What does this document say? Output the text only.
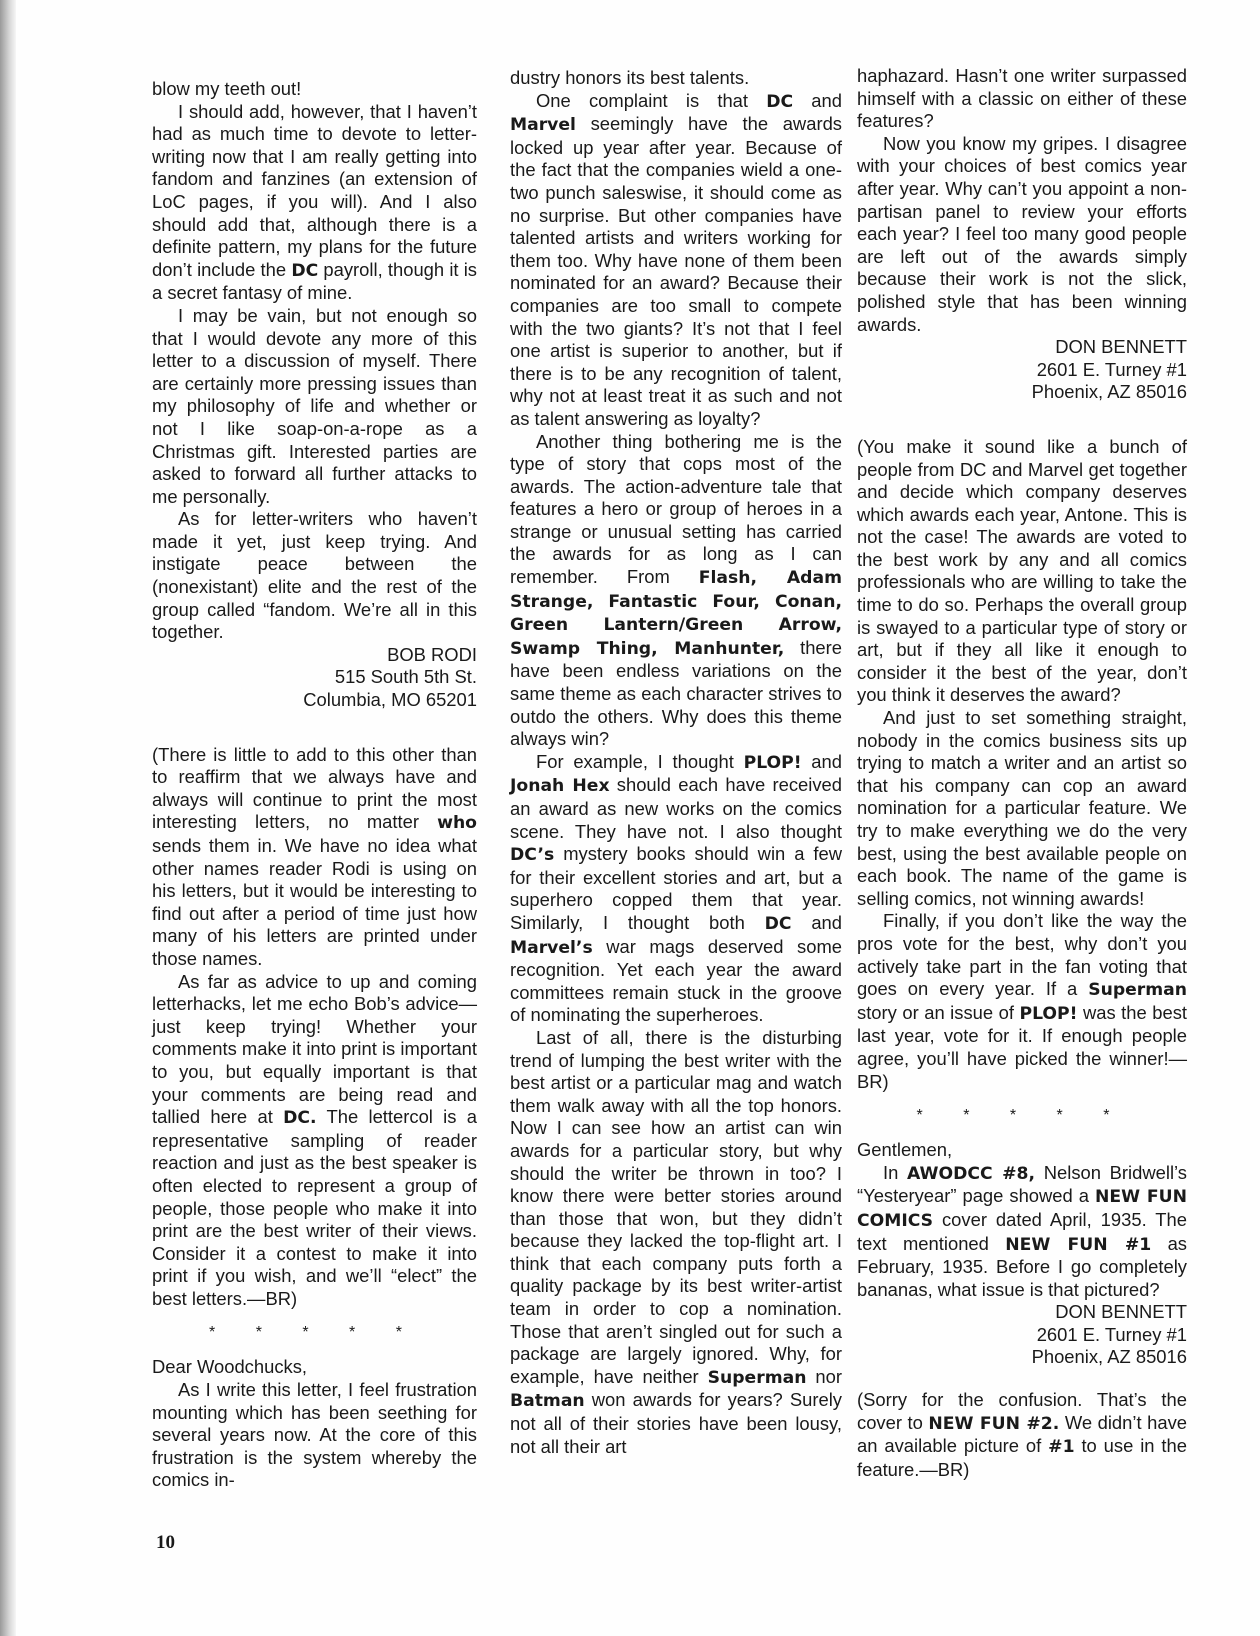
blow my teeth out!

I should add, however, that I haven’t had as much time to devote to letter-writing now that I am really getting into fandom and fanzines (an extension of LoC pages, if you will). And I also should add that, although there is a definite pattern, my plans for the future don’t include the DC payroll, though it is a secret fantasy of mine.

I may be vain, but not enough so that I would devote any more of this letter to a discussion of myself. There are certainly more pressing issues than my philosophy of life and whether or not I like soap-on-a-rope as a Christmas gift. Interested parties are asked to forward all further attacks to me personally.

As for letter-writers who haven’t made it yet, just keep trying. And instigate peace between the (nonexistant) elite and the rest of the group called “fandom. We’re all in this together.

BOB RODI

515 South 5th St.

Columbia, MO 65201

(There is little to add to this other than to reaffirm that we always have and always will continue to print the most interesting letters, no matter who sends them in. We have no idea what other names reader Rodi is using on his letters, but it would be interesting to find out after a period of time just how many of his letters are printed under those names.

As far as advice to up and coming letterhacks, let me echo Bob’s advice—just keep trying! Whether your comments make it into print is important to you, but equally important is that your comments are being read and tallied here at DC. The lettercol is a representative sampling of reader reaction and just as the best speaker is often elected to represent a group of people, those people who make it into print are the best writer of their views. Consider it a contest to make it into print if you wish, and we’ll “elect” the best letters.—BR)

* * * * *

Dear Woodchucks,

As I write this letter, I feel frustration mounting which has been seething for several years now. At the core of this frustration is the system whereby the comics in-

dustry honors its best talents.

One complaint is that DC and Marvel seemingly have the awards locked up year after year. Because of the fact that the companies wield a one-two punch saleswise, it should come as no surprise. But other companies have talented artists and writers working for them too. Why have none of them been nominated for an award? Because their companies are too small to compete with the two giants? It’s not that I feel one artist is superior to another, but if there is to be any recognition of talent, why not at least treat it as such and not as talent answering as loyalty?

Another thing bothering me is the type of story that cops most of the awards. The action-adventure tale that features a hero or group of heroes in a strange or unusual setting has carried the awards for as long as I can remember. From Flash, Adam Strange, Fantastic Four, Conan, Green Lantern/Green Arrow, Swamp Thing, Manhunter, there have been endless variations on the same theme as each character strives to outdo the others. Why does this theme always win?

For example, I thought PLOP! and Jonah Hex should each have received an award as new works on the comics scene. They have not. I also thought DC’s mystery books should win a few for their excellent stories and art, but a superhero copped them that year. Similarly, I thought both DC and Marvel’s war mags deserved some recognition. Yet each year the award committees remain stuck in the groove of nominating the superheroes.

Last of all, there is the disturbing trend of lumping the best writer with the best artist or a particular mag and watch them walk away with all the top honors. Now I can see how an artist can win awards for a particular story, but why should the writer be thrown in too? I know there were better stories around than those that won, but they didn’t because they lacked the top-flight art. I think that each company puts forth a quality package by its best writer-artist team in order to cop a nomination. Those that aren’t singled out for such a package are largely ignored. Why, for example, have neither Superman nor Batman won awards for years? Surely not all of their stories have been lousy, not all their art

haphazard. Hasn’t one writer surpassed himself with a classic on either of these features?

Now you know my gripes. I disagree with your choices of best comics year after year. Why can’t you appoint a non-partisan panel to review your efforts each year? I feel too many good people are left out of the awards simply because their work is not the slick, polished style that has been winning awards.

DON BENNETT

2601 E. Turney #1

Phoenix, AZ 85016

(You make it sound like a bunch of people from DC and Marvel get together and decide which company deserves which awards each year, Antone. This is not the case! The awards are voted to the best work by any and all comics professionals who are willing to take the time to do so. Perhaps the overall group is swayed to a particular type of story or art, but if they all like it enough to consider it the best of the year, don’t you think it deserves the award?

And just to set something straight, nobody in the comics business sits up trying to match a writer and an artist so that his company can cop an award nomination for a particular feature. We try to make everything we do the very best, using the best available people on each book. The name of the game is selling comics, not winning awards!

Finally, if you don’t like the way the pros vote for the best, why don’t you actively take part in the fan voting that goes on every year. If a Superman story or an issue of PLOP! was the best last year, vote for it. If enough people agree, you’ll have picked the winner!—BR)

* * * * *

Gentlemen,

In AWODCC #8, Nelson Bridwell’s “Yesteryear” page showed a NEW FUN COMICS cover dated April, 1935. The text mentioned NEW FUN #1 as February, 1935. Before I go completely bananas, what issue is that pictured?

DON BENNETT

2601 E. Turney #1

Phoenix, AZ 85016

(Sorry for the confusion. That’s the cover to NEW FUN #2. We didn’t have an available picture of #1 to use in the feature.—BR)

10
